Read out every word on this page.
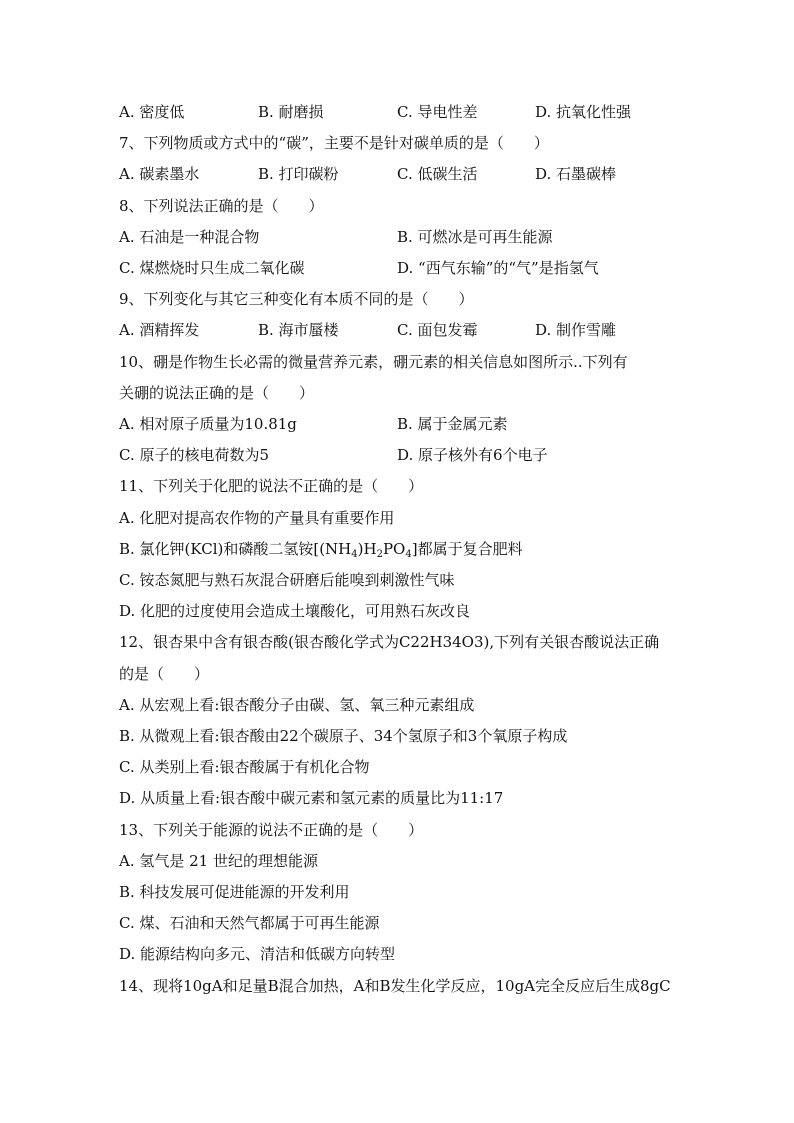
A. 密度低	B. 耐磨损	C. 导电性差	D. 抗氧化性强
7、下列物质或方式中的“碳”，主要不是针对碳单质的是（　　）
A. 碳素墨水	B. 打印碳粉	C. 低碳生活	D. 石墨碳棒
8、下列说法正确的是（　　）
A. 石油是一种混合物	B. 可燃冰是可再生能源
C. 煤燃烧时只生成二氧化碳	D. “西气东输”的“气”是指氢气
9、下列变化与其它三种变化有本质不同的是（　　）
A. 酒精挥发	B. 海市蜃楼	C. 面包发霉	D. 制作雪雕
10、硼是作物生长必需的微量营养元素，硼元素的相关信息如图所示..下列有
关硼的说法正确的是（　　）
A. 相对原子质量为10.81g	B. 属于金属元素
C. 原子的核电荷数为5	D. 原子核外有6个电子
11、下列关于化肥的说法不正确的是（　　）
A. 化肥对提高农作物的产量具有重要作用
B. 氯化钾(KCl)和磷酸二氢铵$[(NH_4)H_2PO_4]$都属于复合肥料
C. 铵态氮肥与熟石灰混合研磨后能嗅到刺激性气味
D. 化肥的过度使用会造成土壤酸化，可用熟石灰改良
12、银杏果中含有银杏酸(银杏酸化学式为C22H34O3),下列有关银杏酸说法正确
的是（　　）
A. 从宏观上看:银杏酸分子由碳、氢、氧三种元素组成
B. 从微观上看:银杏酸由22个碳原子、34个氢原子和3个氧原子构成
C. 从类别上看:银杏酸属于有机化合物
D. 从质量上看:银杏酸中碳元素和氢元素的质量比为11:17
13、下列关于能源的说法不正确的是（　　）
A. 氢气是 21 世纪的理想能源
B. 科技发展可促进能源的开发利用
C. 煤、石油和天然气都属于可再生能源
D. 能源结构向多元、清洁和低碳方向转型
14、现将10gA和足量B混合加热，A和B发生化学反应，10gA完全反应后生成8gC
